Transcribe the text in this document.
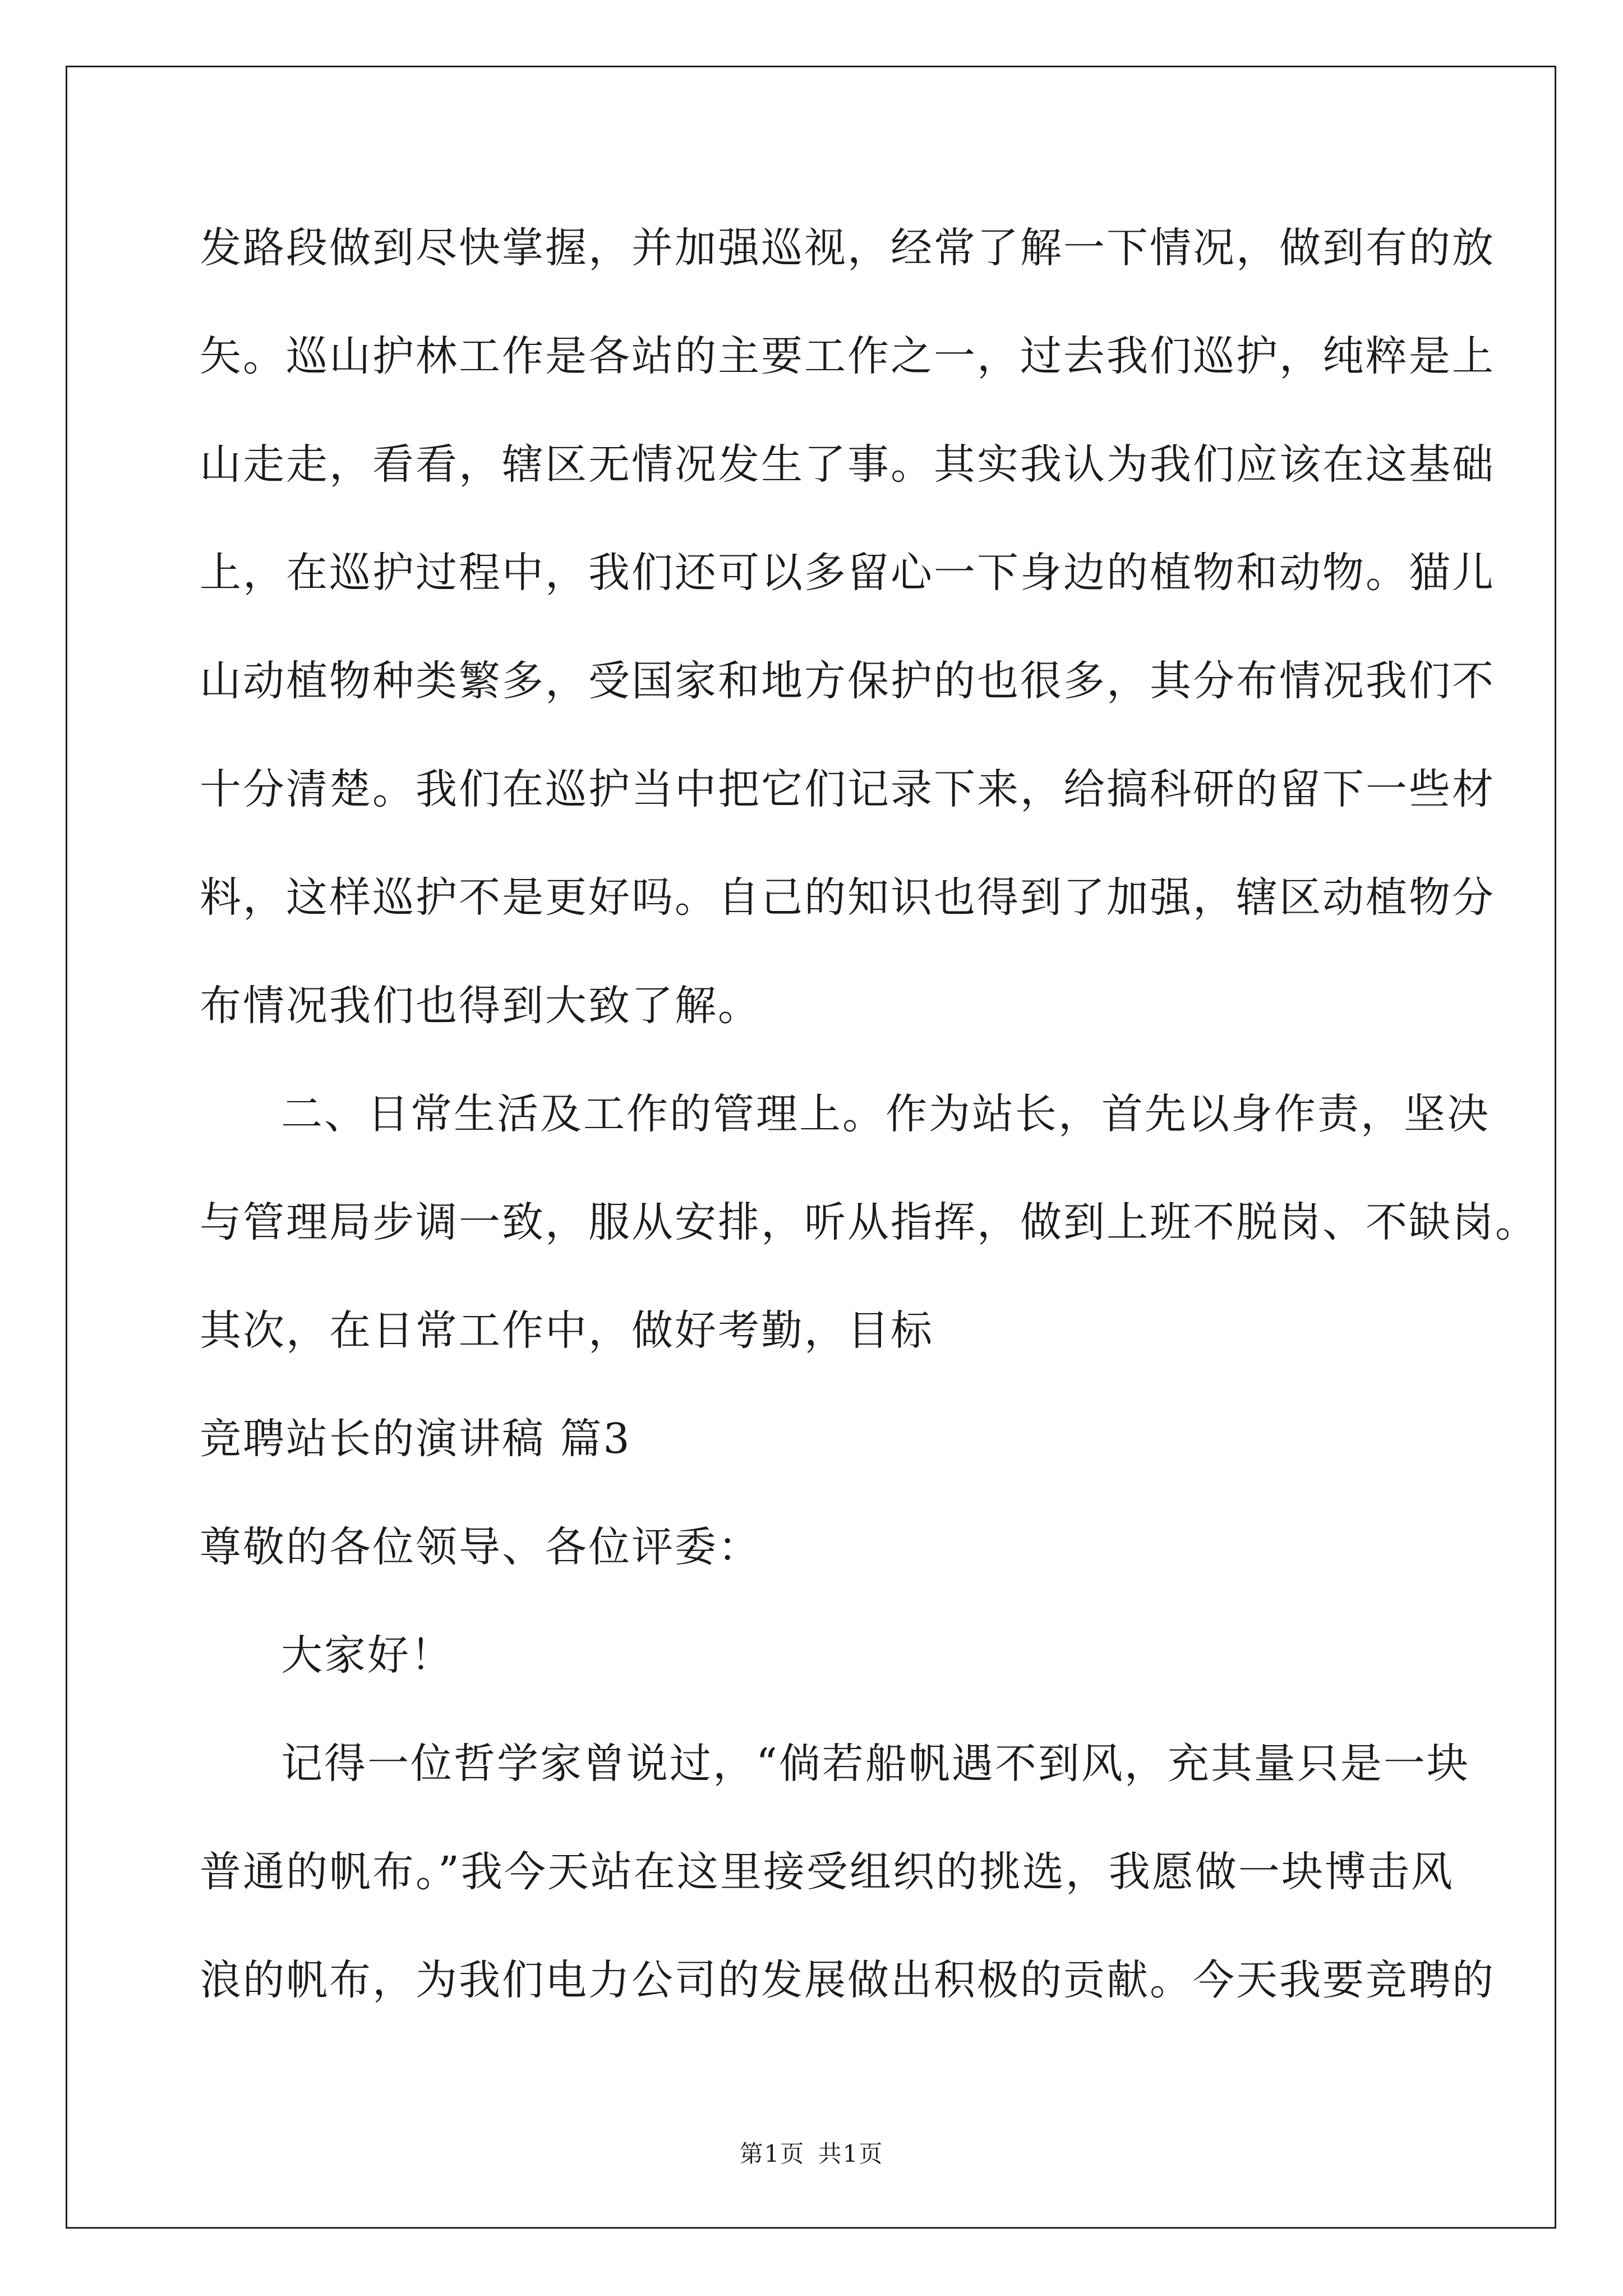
发路段做到尽快掌握，并加强巡视，经常了解一下情况，做到有的放
矢。巡山护林工作是各站的主要工作之一，过去我们巡护，纯粹是上
山走走，看看，辖区无情况发生了事。其实我认为我们应该在这基础
上，在巡护过程中，我们还可以多留心一下身边的植物和动物。猫儿
山动植物种类繁多，受国家和地方保护的也很多，其分布情况我们不
十分清楚。我们在巡护当中把它们记录下来，给搞科研的留下一些材
料，这样巡护不是更好吗。自己的知识也得到了加强，辖区动植物分
布情况我们也得到大致了解。
二、日常生活及工作的管理上。作为站长，首先以身作责，坚决
与管理局步调一致，服从安排，听从指挥，做到上班不脱岗、不缺岗。
其次，在日常工作中，做好考勤，目标
竞聘站长的演讲稿 篇3
尊敬的各位领导、各位评委：
大家好！
记得一位哲学家曾说过，“倘若船帆遇不到风，充其量只是一块
普通的帆布。”我今天站在这里接受组织的挑选，我愿做一块博击风
浪的帆布，为我们电力公司的发展做出积极的贡献。今天我要竞聘的
第1页 共1页
